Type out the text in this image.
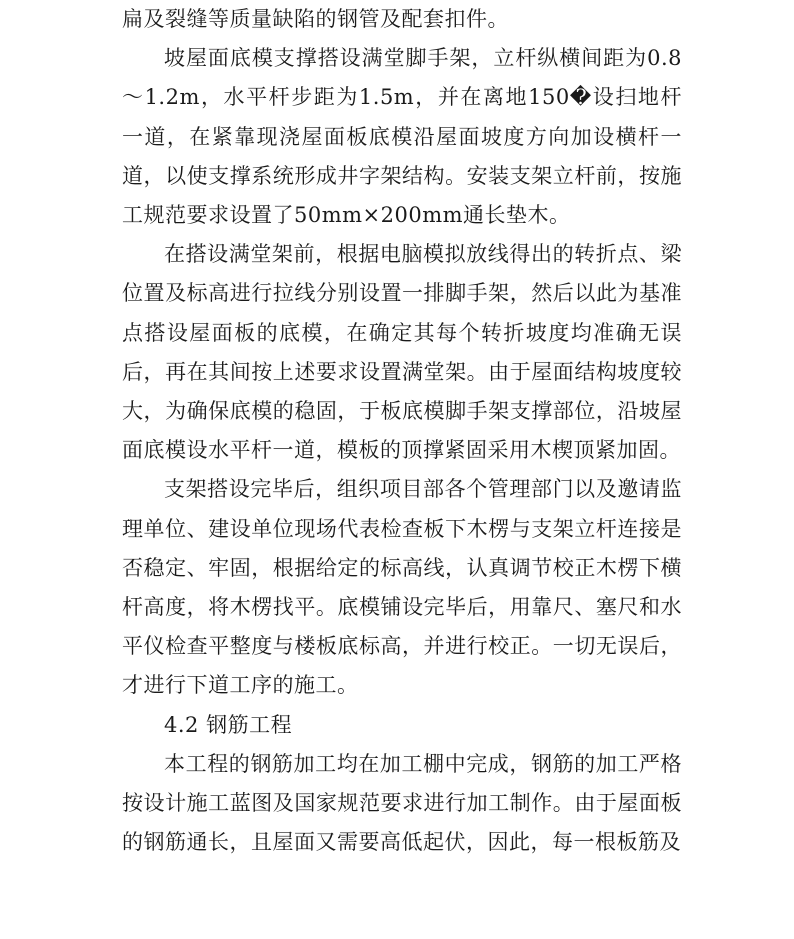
扁及裂缝等质量缺陷的钢管及配套扣件。

坡屋面底模支撑搭设满堂脚手架，立杆纵横间距为0.8～1.2m，水平杆步距为1.5m，并在离地150�设扫地杆一道，在紧靠现浇屋面板底模沿屋面坡度方向加设横杆一道，以使支撑系统形成井字架结构。安装支架立杆前，按施工规范要求设置了50mm×200mm通长垫木。

在搭设满堂架前，根据电脑模拟放线得出的转折点、梁位置及标高进行拉线分别设置一排脚手架，然后以此为基准点搭设屋面板的底模，在确定其每个转折坡度均准确无误后，再在其间按上述要求设置满堂架。由于屋面结构坡度较大，为确保底模的稳固，于板底模脚手架支撑部位，沿坡屋面底模设水平杆一道，模板的顶撑紧固采用木楔顶紧加固。

支架搭设完毕后，组织项目部各个管理部门以及邀请监理单位、建设单位现场代表检查板下木楞与支架立杆连接是否稳定、牢固，根据给定的标高线，认真调节校正木楞下横杆高度，将木楞找平。底模铺设完毕后，用靠尺、塞尺和水平仪检查平整度与楼板底标高，并进行校正。一切无误后，才进行下道工序的施工。

4.2 钢筋工程

本工程的钢筋加工均在加工棚中完成，钢筋的加工严格按设计施工蓝图及国家规范要求进行加工制作。由于屋面板的钢筋通长，且屋面又需要高低起伏，因此，每一根板筋及
